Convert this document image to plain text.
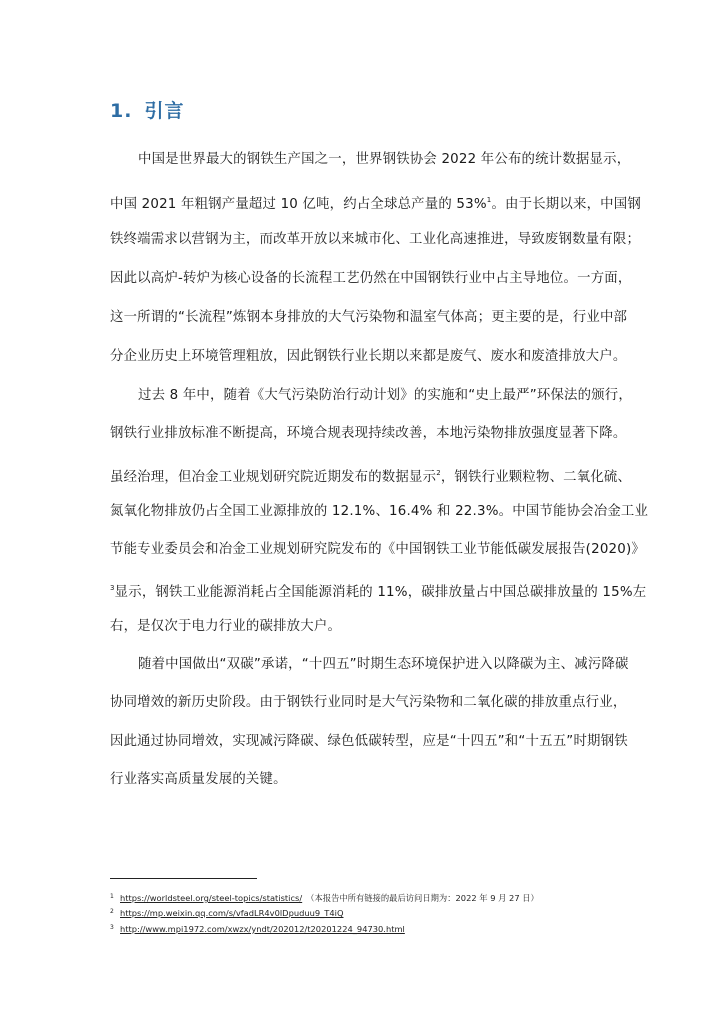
1. 引言
中国是世界最大的钢铁生产国之一，世界钢铁协会 2022 年公布的统计数据显示，
中国 2021 年粗钢产量超过 10 亿吨，约占全球总产量的 53%$^1$。由于长期以来，中国钢
铁终端需求以营钢为主，而改革开放以来城市化、工业化高速推进，导致废钢数量有限；
因此以高炉-转炉为核心设备的长流程工艺仍然在中国钢铁行业中占主导地位。一方面，
这一所谓的“长流程”炼钢本身排放的大气污染物和温室气体高；更主要的是，行业中部
分企业历史上环境管理粗放，因此钢铁行业长期以来都是废气、废水和废渣排放大户。
过去 8 年中，随着《大气污染防治行动计划》的实施和“史上最严”环保法的颁行，
钢铁行业排放标准不断提高，环境合规表现持续改善，本地污染物排放强度显著下降。
虽经治理，但冶金工业规划研究院近期发布的数据显示$^2$，钢铁行业颗粒物、二氧化硫、
氮氧化物排放仍占全国工业源排放的 12.1%、16.4% 和 22.3%。中国节能协会冶金工业
节能专业委员会和冶金工业规划研究院发布的《中国钢铁工业节能低碳发展报告(2020)》
$^3$显示，钢铁工业能源消耗占全国能源消耗的 11%，碳排放量占中国总碳排放量的 15%左
右，是仅次于电力行业的碳排放大户。
随着中国做出“双碳”承诺，“十四五”时期生态环境保护进入以降碳为主、减污降碳
协同增效的新历史阶段。由于钢铁行业同时是大气污染物和二氧化碳的排放重点行业，
因此通过协同增效，实现减污降碳、绿色低碳转型，应是“十四五”和“十五五”时期钢铁
行业落实高质量发展的关键。
1 https://worldsteel.org/steel-topics/statistics/ （本报告中所有链接的最后访问日期为：2022 年 9 月 27 日）
2 https://mp.weixin.qq.com/s/vfadLR4v0lDpuduu9_T4iQ
3 http://www.mpi1972.com/xwzx/yndt/202012/t20201224_94730.html
